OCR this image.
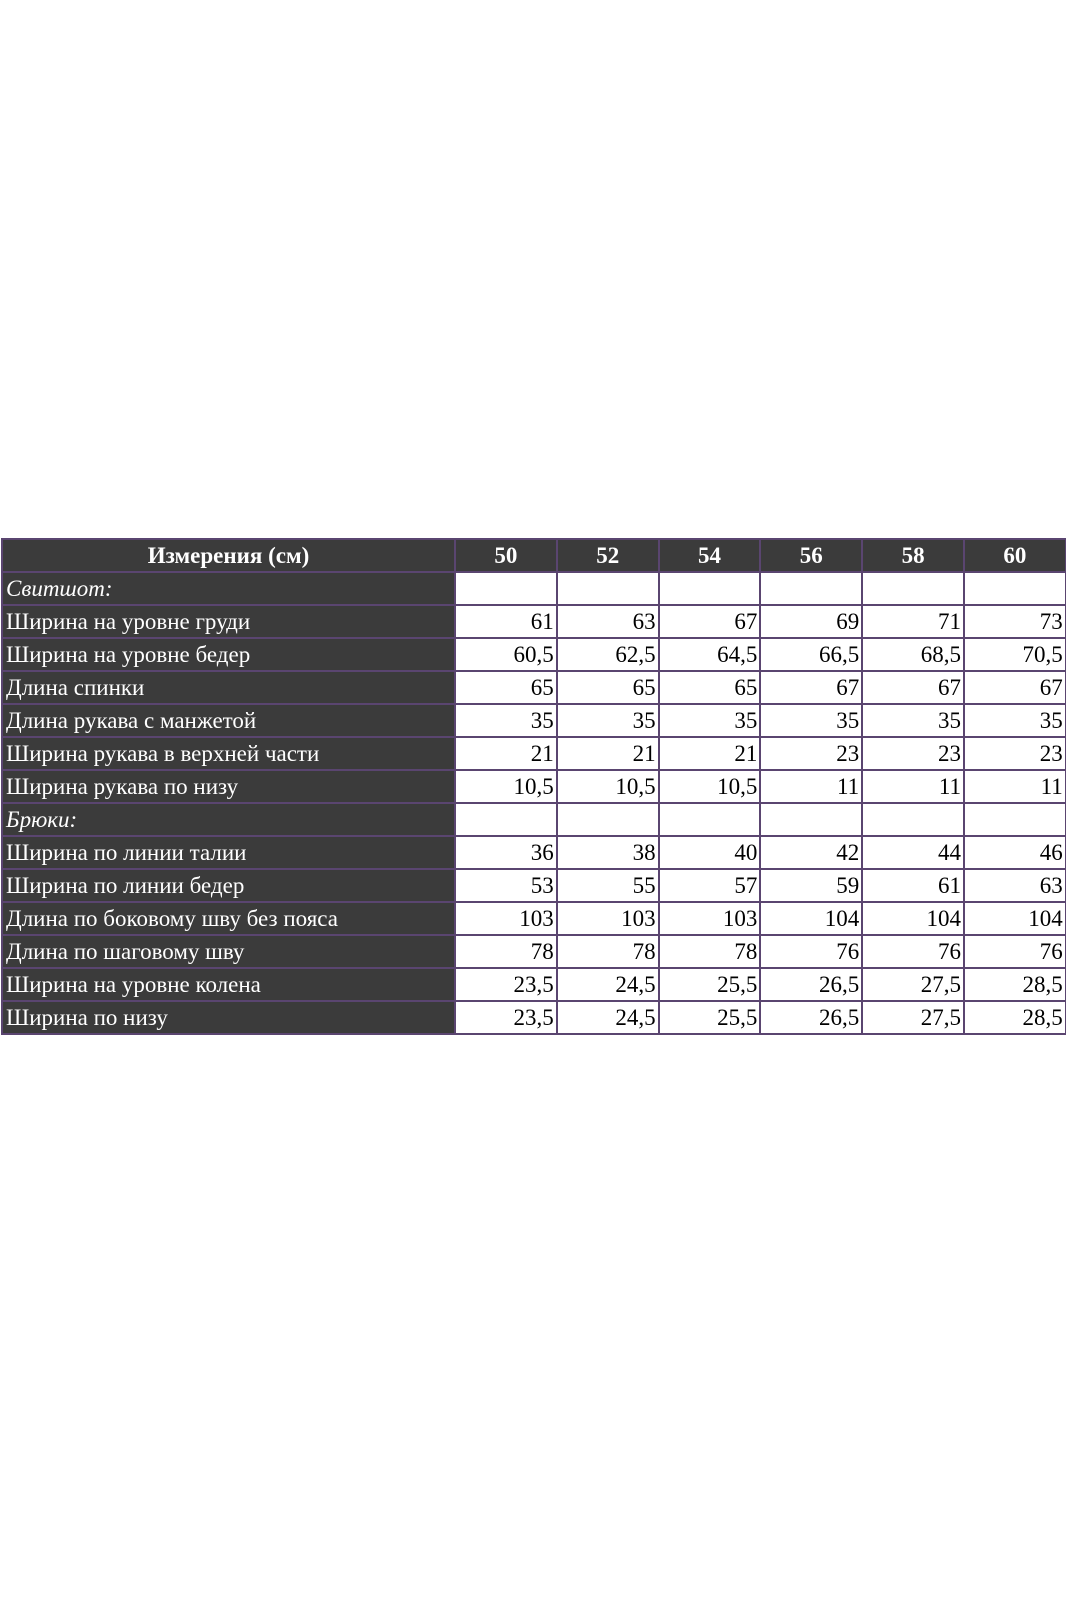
Измерения (см)	50	52	54	56	58	60
Свитшот:						
Ширина на уровне груди	61	63	67	69	71	73
Ширина на уровне бедер	60,5	62,5	64,5	66,5	68,5	70,5
Длина спинки	65	65	65	67	67	67
Длина рукава с манжетой	35	35	35	35	35	35
Ширина рукава в верхней части	21	21	21	23	23	23
Ширина рукава по низу	10,5	10,5	10,5	11	11	11
Брюки:						
Ширина по линии талии	36	38	40	42	44	46
Ширина по линии бедер	53	55	57	59	61	63
Длина по боковому шву без пояса	103	103	103	104	104	104
Длина по шаговому шву	78	78	78	76	76	76
Ширина на уровне колена	23,5	24,5	25,5	26,5	27,5	28,5
Ширина по низу	23,5	24,5	25,5	26,5	27,5	28,5
